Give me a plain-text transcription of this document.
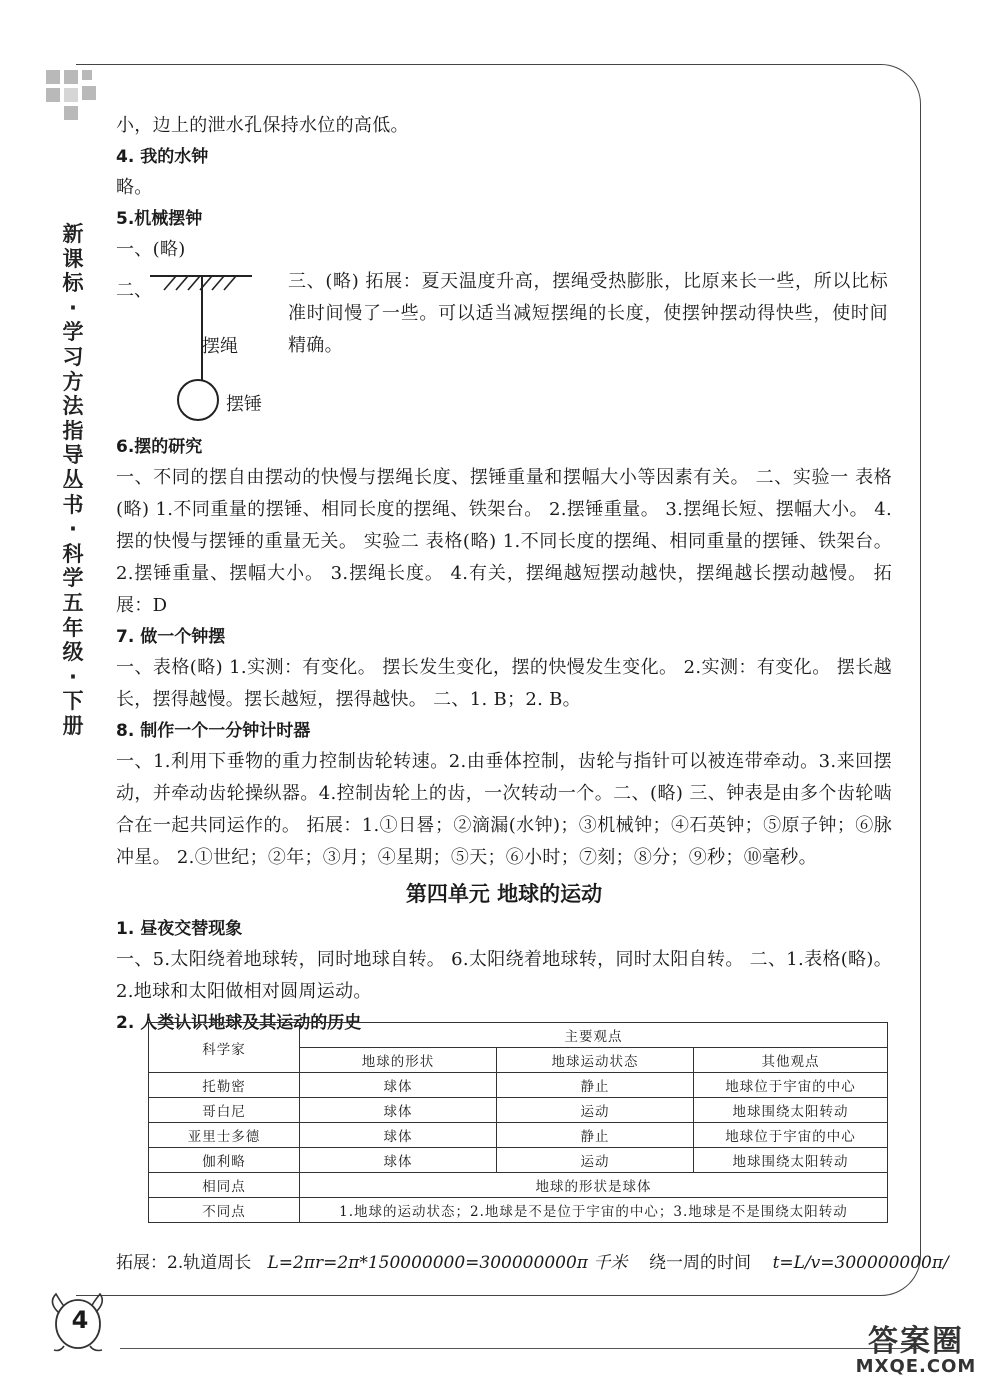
新
课
标
·
学
习
方
法
指
导
丛
书
·
科
学
五
年
级
·
下
册

小，边上的泄水孔保持水位的高低。

4. 我的水钟

略。

5.机械摆钟

一、(略)

二、
摆绳
摆锤

三、(略) 拓展：夏天温度升高，摆绳受热膨胀，比原来长一些，所以比标准时间慢了一些。可以适当减短摆绳的长度，使摆钟摆动得快些，使时间精确。

6.摆的研究

一、不同的摆自由摆动的快慢与摆绳长度、摆锤重量和摆幅大小等因素有关。 二、实验一 表格(略) 1.不同重量的摆锤、相同长度的摆绳、铁架台。 2.摆锤重量。 3.摆绳长短、摆幅大小。 4.摆的快慢与摆锤的重量无关。 实验二 表格(略) 1.不同长度的摆绳、相同重量的摆锤、铁架台。 2.摆锤重量、摆幅大小。 3.摆绳长度。 4.有关，摆绳越短摆动越快，摆绳越长摆动越慢。 拓展：D

7. 做一个钟摆

一、表格(略) 1.实测：有变化。 摆长发生变化，摆的快慢发生变化。 2.实测：有变化。 摆长越长，摆得越慢。摆长越短，摆得越快。 二、1. B；2. B。

8. 制作一个一分钟计时器

一、1.利用下垂物的重力控制齿轮转速。2.由垂体控制，齿轮与指针可以被连带牵动。3.来回摆动，并牵动齿轮操纵器。4.控制齿轮上的齿，一次转动一个。二、(略) 三、钟表是由多个齿轮啮合在一起共同运作的。 拓展：1.①日晷；②滴漏(水钟)；③机械钟；④石英钟；⑤原子钟；⑥脉冲星。 2.①世纪；②年；③月；④星期；⑤天；⑥小时；⑦刻；⑧分；⑨秒；⑩毫秒。

第四单元 地球的运动

1. 昼夜交替现象

一、5.太阳绕着地球转，同时地球自转。 6.太阳绕着地球转，同时太阳自转。 二、1.表格(略)。 2.地球和太阳做相对圆周运动。

2. 人类认识地球及其运动的历史

科学家	主要观点		
	地球的形状	地球运动状态	其他观点
托勒密	球体	静止	地球位于宇宙的中心
哥白尼	球体	运动	地球围绕太阳转动
亚里士多德	球体	静止	地球位于宇宙的中心
伽利略	球体	运动	地球围绕太阳转动
相同点	地球的形状是球体		
不同点	1.地球的运动状态；2.地球是不是位于宇宙的中心；3.地球是不是围绕太阳转动		
拓展：2.轨道周长 L=2πr=2π*150000000=300000000π 千米 绕一周的时间 t=L/v=300000000π/
4
答案圈
MXQE.COM
